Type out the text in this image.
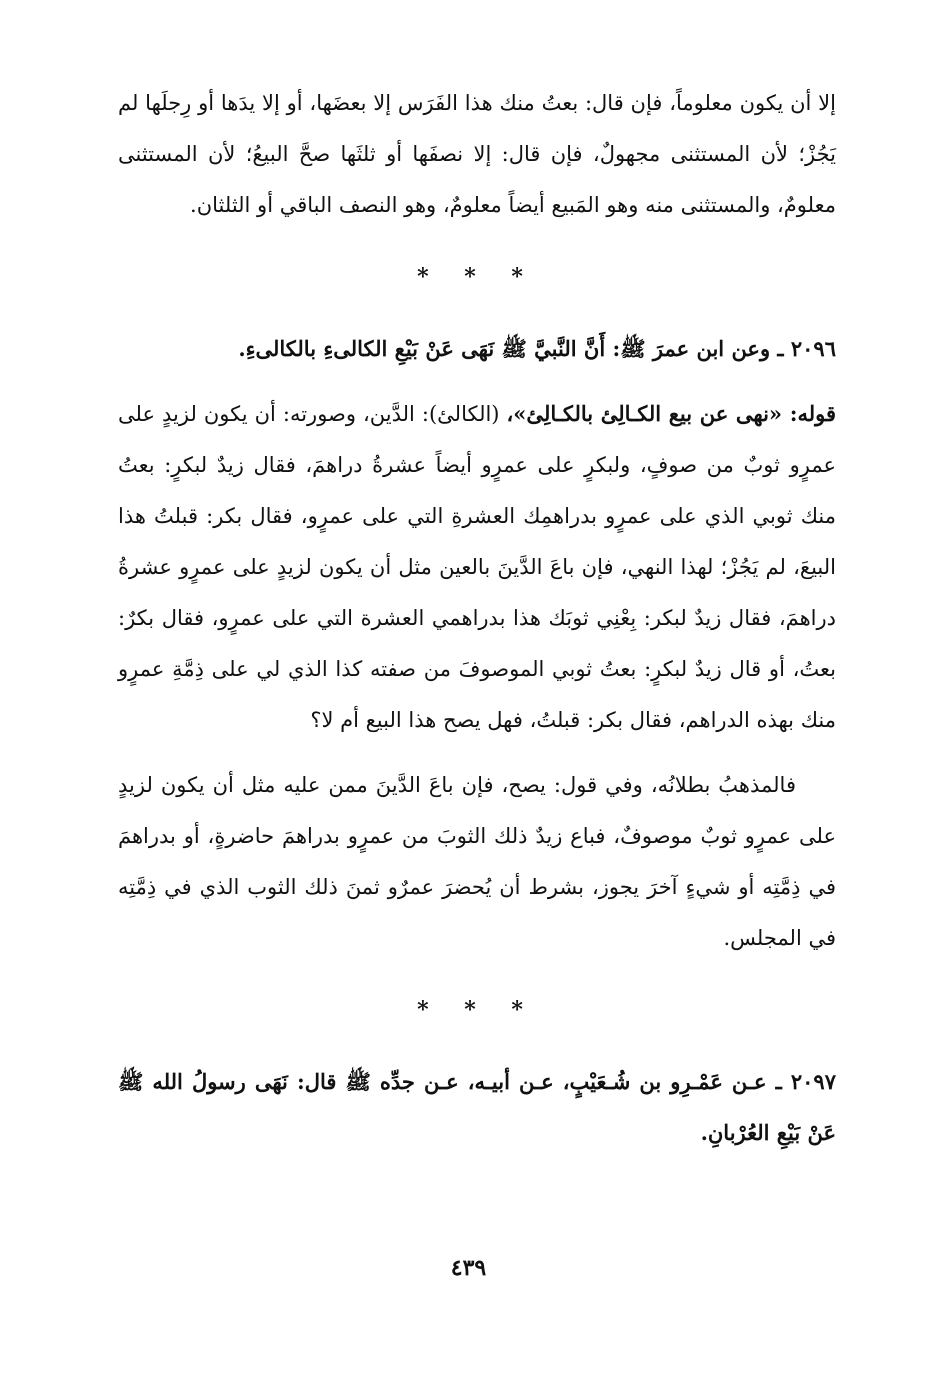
إلا أن يكون معلوماً، فإن قال: بعتُ منك هذا الفَرَس إلا بعضَها، أو إلا يدَها أو رِجلَها لم يَجُزْ؛ لأن المستثنى مجهولٌ، فإن قال: إلا نصفَها أو ثلثَها صحَّ البيعُ؛ لأن المستثنى معلومٌ، والمستثنى منه وهو المَبيع أيضاً معلومٌ، وهو النصف الباقي أو الثلثان.

* * *

٢٠٩٦ ـ وعن ابن عمرَ ﷺ: أَنَّ النَّبيَّ ﷺ نَهَى عَنْ بَيْعِ الكالىءِ بالكالىءِ.

قوله: «نهى عن بيع الكـالِئ بالكـالِئ»، (الكالئ): الدَّين، وصورته: أن يكون لزيدٍ على عمرٍو ثوبٌ من صوفٍ، ولبكرٍ على عمرٍو أيضاً عشرةُ دراهمَ، فقال زيدٌ لبكرٍ: بعتُ منك ثوبي الذي على عمرٍو بدراهمِك العشرةِ التي على عمرٍو، فقال بكر: قبلتُ هذا البيعَ، لم يَجُزْ؛ لهذا النهي، فإن باعَ الدَّينَ بالعين مثل أن يكون لزيدٍ على عمرٍو عشرةُ دراهمَ، فقال زيدٌ لبكر: بِعْنِي ثوبَك هذا بدراهمي العشرة التي على عمرٍو، فقال بكرٌ: بعتُ، أو قال زيدٌ لبكرٍ: بعتُ ثوبي الموصوفَ من صفته كذا الذي لي على ذِمَّةِ عمرٍو منك بهذه الدراهم، فقال بكر: قبلتُ، فهل يصح هذا البيع أم لا؟

فالمذهبُ بطلانُه، وفي قول: يصح، فإن باعَ الدَّينَ ممن عليه مثل أن يكون لزيدٍ على عمرٍو ثوبٌ موصوفٌ، فباع زيدٌ ذلك الثوبَ من عمرٍو بدراهمَ حاضرةٍ، أو بدراهمَ في ذِمَّتِه أو شيءٍ آخرَ يجوز، بشرط أن يُحضرَ عمرٌو ثمنَ ذلك الثوب الذي في ذِمَّتِه في المجلس.

* * *

٢٠٩٧ ـ عـن عَمْـرِو بن شُـعَيْبٍ، عـن أبيـه، عـن جدِّه ﷺ قال: نَهَى رسولُ الله ﷺ عَنْ بَيْعِ العُرْبانِ.

٤٣٩
